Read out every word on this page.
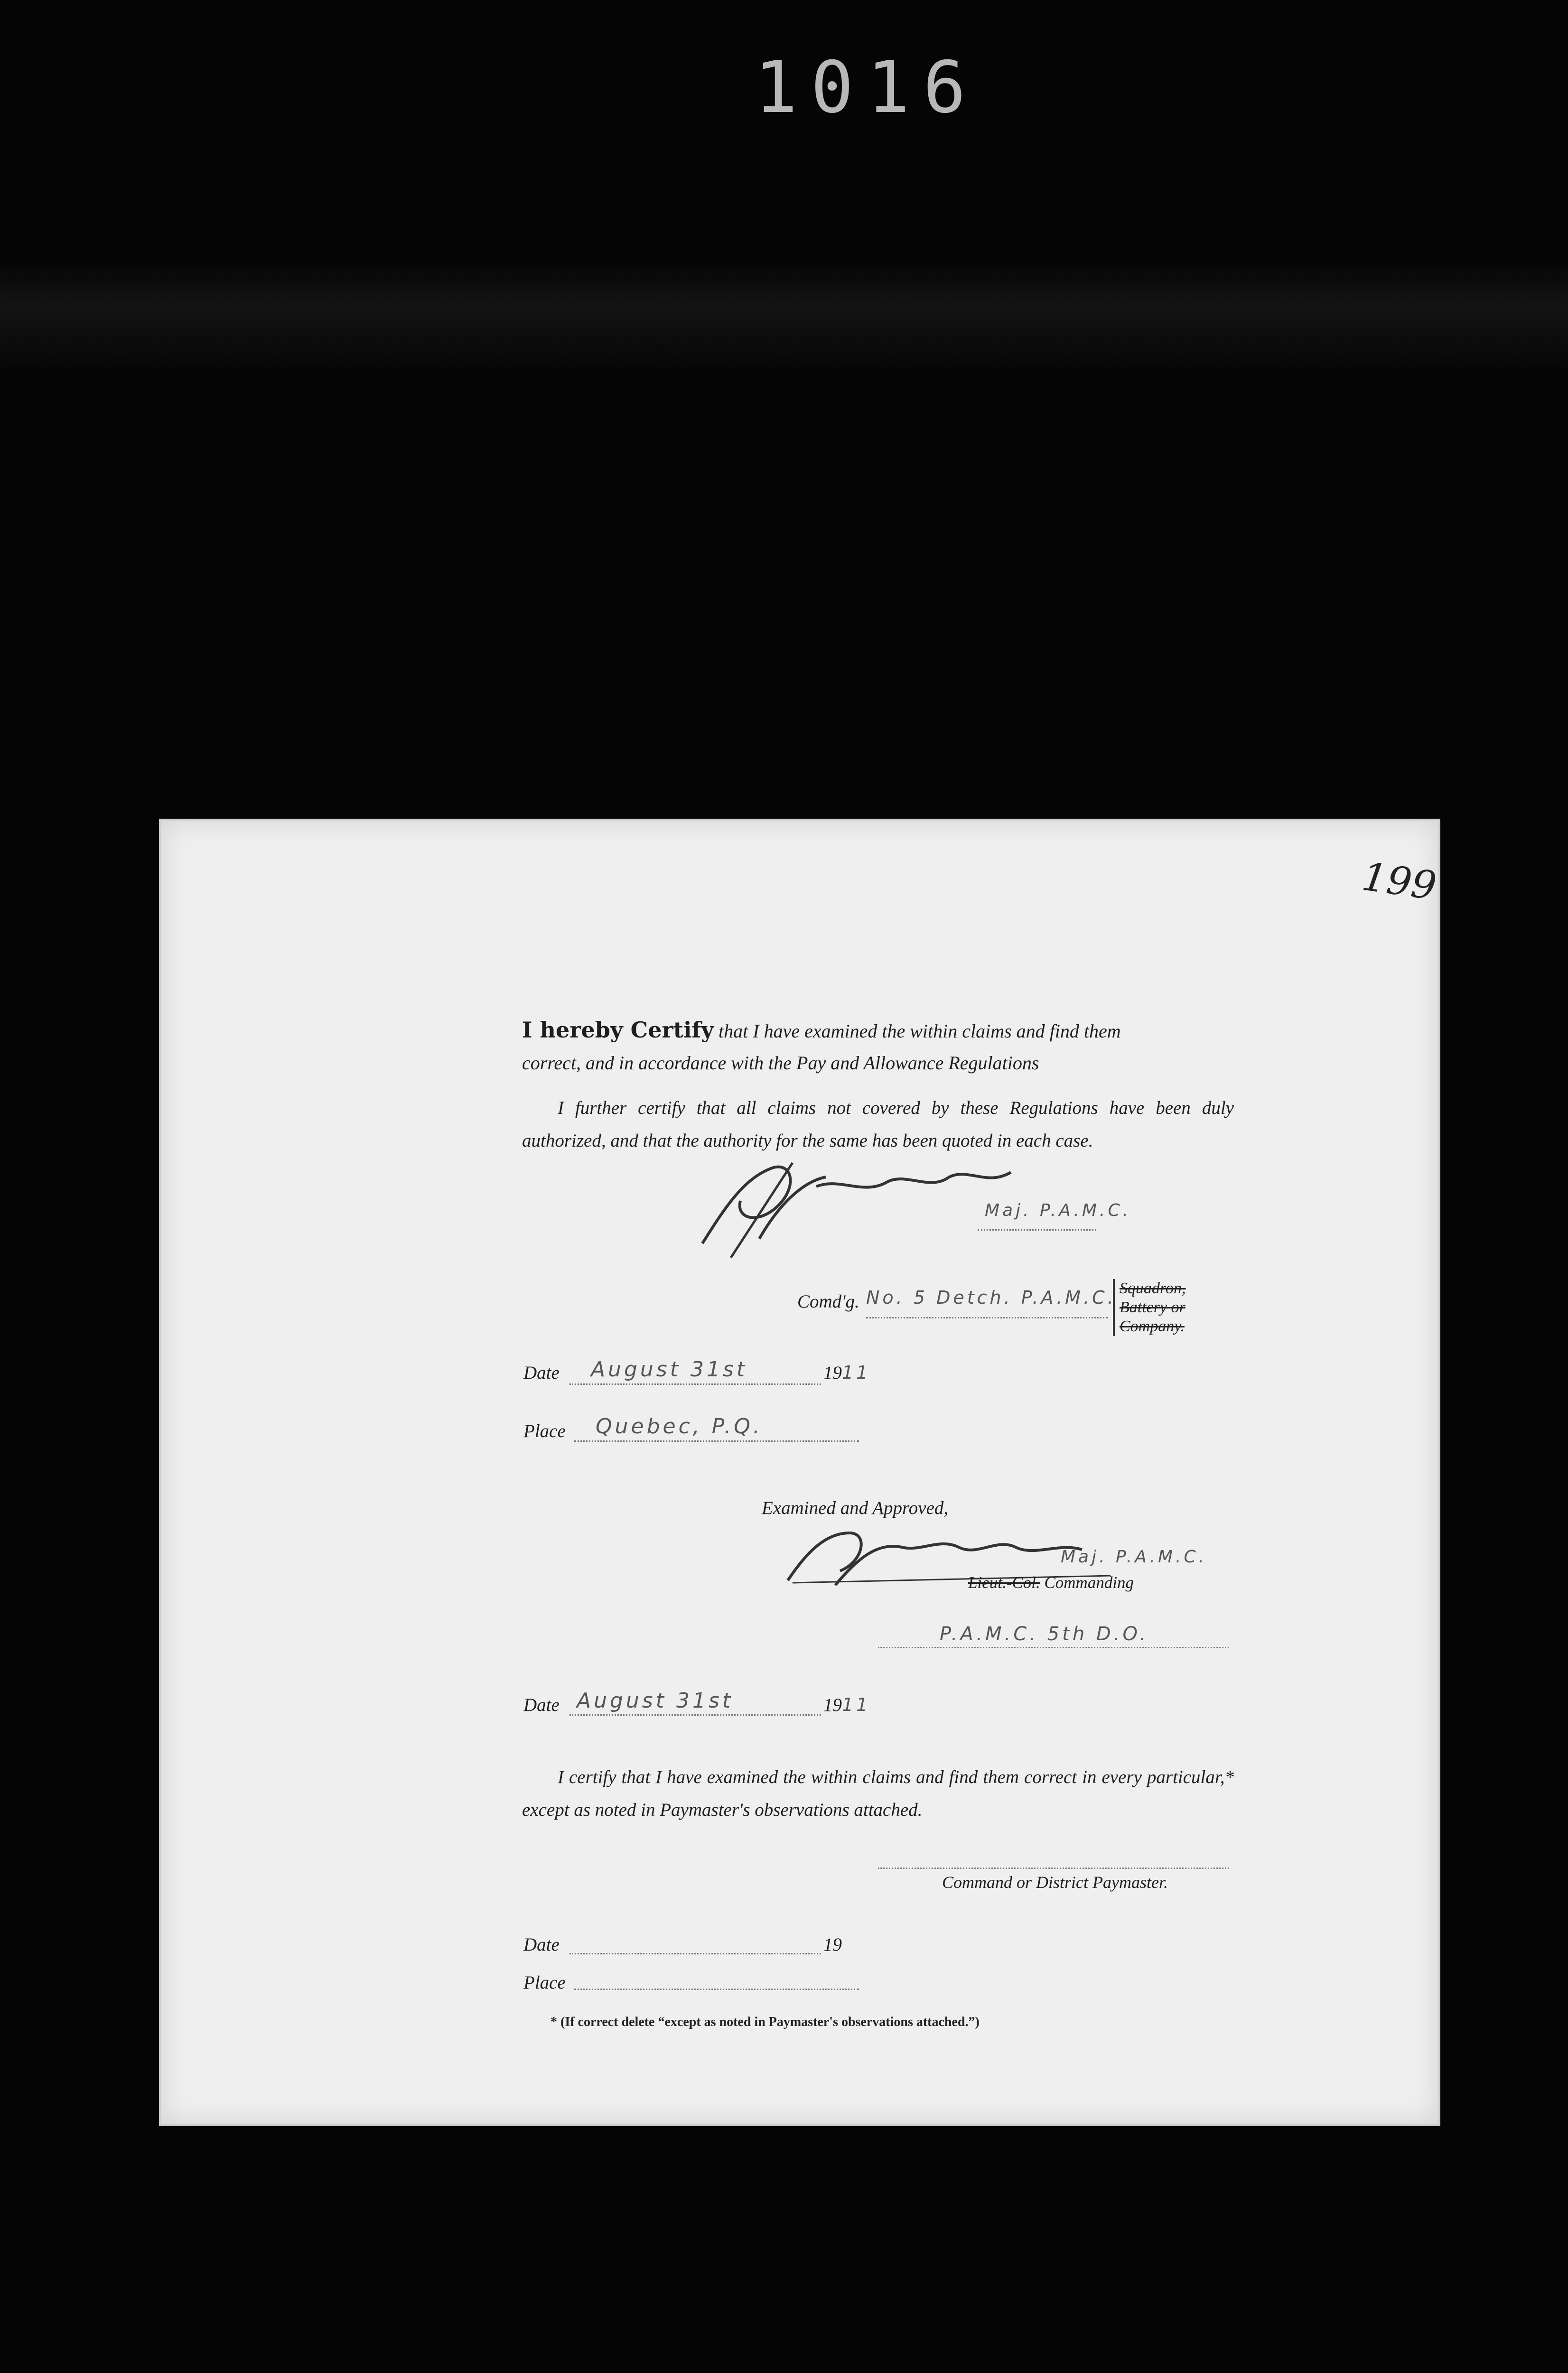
1016
199
I hereby Certify that I have examined the within claims and find them
correct, and in accordance with the Pay and Allowance Regulations
I further certify that all claims not covered by these Regulations have been duly authorized, and that the authority for the same has been quoted in each case.
Maj. P.A.M.C.
Comd'g. No. 5 Detch. P.A.M.C. Squadron,
Battery or
Company.
Date August 31st	1911
Place Quebec, P.Q.
Examined and Approved,
Maj. P.A.M.C.
Lieut.-Col. Commanding
P.A.M.C. 5th D.O.
Date August 31st	1911
I certify that I have examined the within claims and find them correct in every particular,* except as noted in Paymaster's observations attached.
Command or District Paymaster.
Date	19
Place
* (If correct delete “except as noted in Paymaster's observations attached.”)
